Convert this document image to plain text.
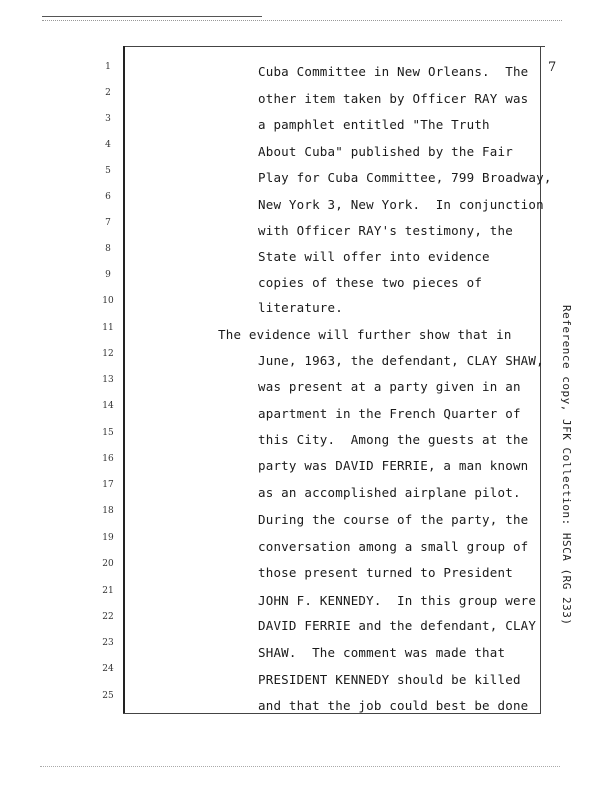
7
Reference copy, JFK Collection: HSCA (RG 233)
1
2
3
4
5
6
7
8
9
10
11
12
13
14
15
16
17
18
19
20
21
22
23
24
25
Cuba Committee in New Orleans.  The
other item taken by Officer RAY was
a pamphlet entitled "The Truth
About Cuba" published by the Fair
Play for Cuba Committee, 799 Broadway,
New York 3, New York.  In conjunction
with Officer RAY's testimony, the
State will offer into evidence
copies of these two pieces of
literature.
The evidence will further show that in
June, 1963, the defendant, CLAY SHAW,
was present at a party given in an
apartment in the French Quarter of
this City.  Among the guests at the
party was DAVID FERRIE, a man known
as an accomplished airplane pilot.
During the course of the party, the
conversation among a small group of
those present turned to President
JOHN F. KENNEDY.  In this group were
DAVID FERRIE and the defendant, CLAY
SHAW.  The comment was made that
PRESIDENT KENNEDY should be killed
and that the job could best be done
